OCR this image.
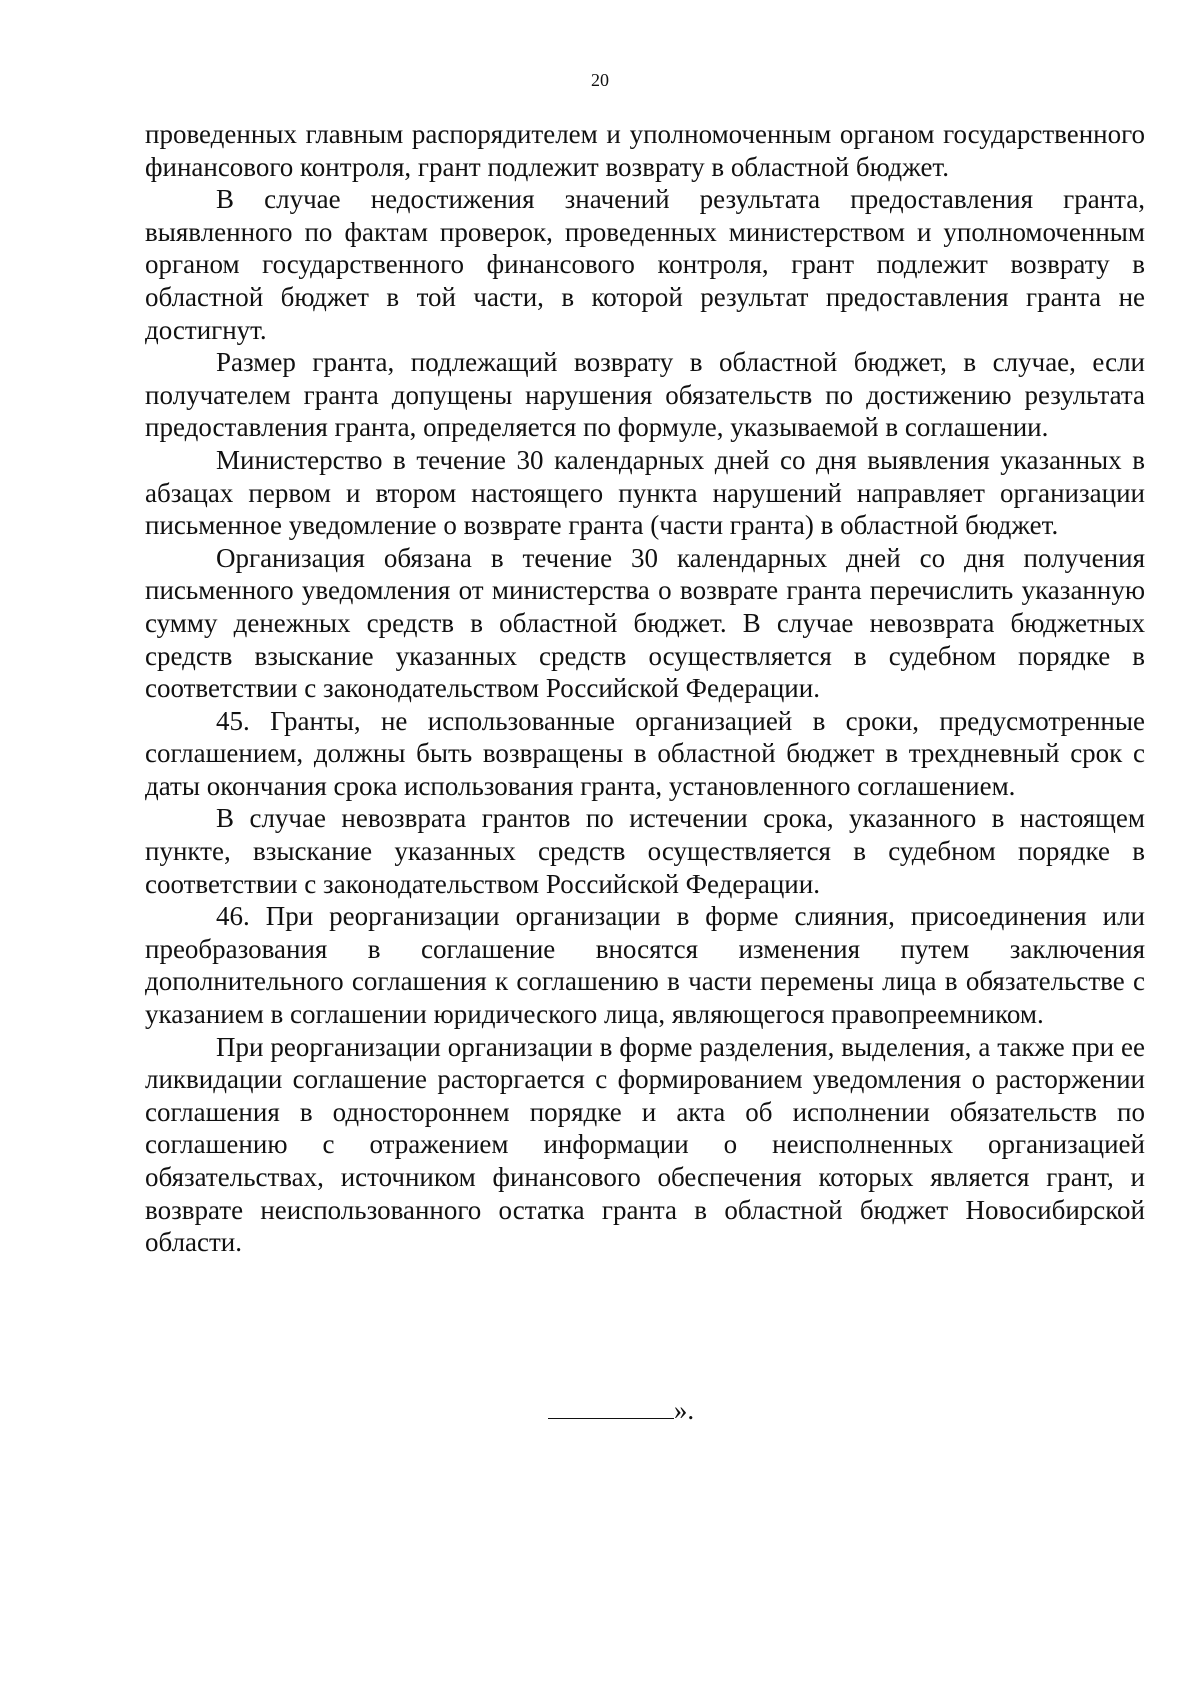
20

проведенных главным распорядителем и уполномоченным органом государственного финансового контроля, грант подлежит возврату в областной бюджет.

В случае недостижения значений результата предоставления гранта, выявленного по фактам проверок, проведенных министерством и уполномоченным органом государственного финансового контроля, грант подлежит возврату в областной бюджет в той части, в которой результат предоставления гранта не достигнут.

Размер гранта, подлежащий возврату в областной бюджет, в случае, если получателем гранта допущены нарушения обязательств по достижению результата предоставления гранта, определяется по формуле, указываемой в соглашении.

Министерство в течение 30 календарных дней со дня выявления указанных в абзацах первом и втором настоящего пункта нарушений направляет организации письменное уведомление о возврате гранта (части гранта) в областной бюджет.

Организация обязана в течение 30 календарных дней со дня получения письменного уведомления от министерства о возврате гранта перечислить указанную сумму денежных средств в областной бюджет. В случае невозврата бюджетных средств взыскание указанных средств осуществляется в судебном порядке в соответствии с законодательством Российской Федерации.

45. Гранты, не использованные организацией в сроки, предусмотренные соглашением, должны быть возвращены в областной бюджет в трехдневный срок с даты окончания срока использования гранта, установленного соглашением.

В случае невозврата грантов по истечении срока, указанного в настоящем пункте, взыскание указанных средств осуществляется в судебном порядке в соответствии с законодательством Российской Федерации.

46. При реорганизации организации в форме слияния, присоединения или преобразования в соглашение вносятся изменения путем заключения дополнительного соглашения к соглашению в части перемены лица в обязательстве с указанием в соглашении юридического лица, являющегося правопреемником.

При реорганизации организации в форме разделения, выделения, а также при ее ликвидации соглашение расторгается с формированием уведомления о расторжении соглашения в одностороннем порядке и акта об исполнении обязательств по соглашению с отражением информации о неисполненных организацией обязательствах, источником финансового обеспечения которых является грант, и возврате неиспользованного остатка гранта в областной бюджет Новосибирской области.

».
